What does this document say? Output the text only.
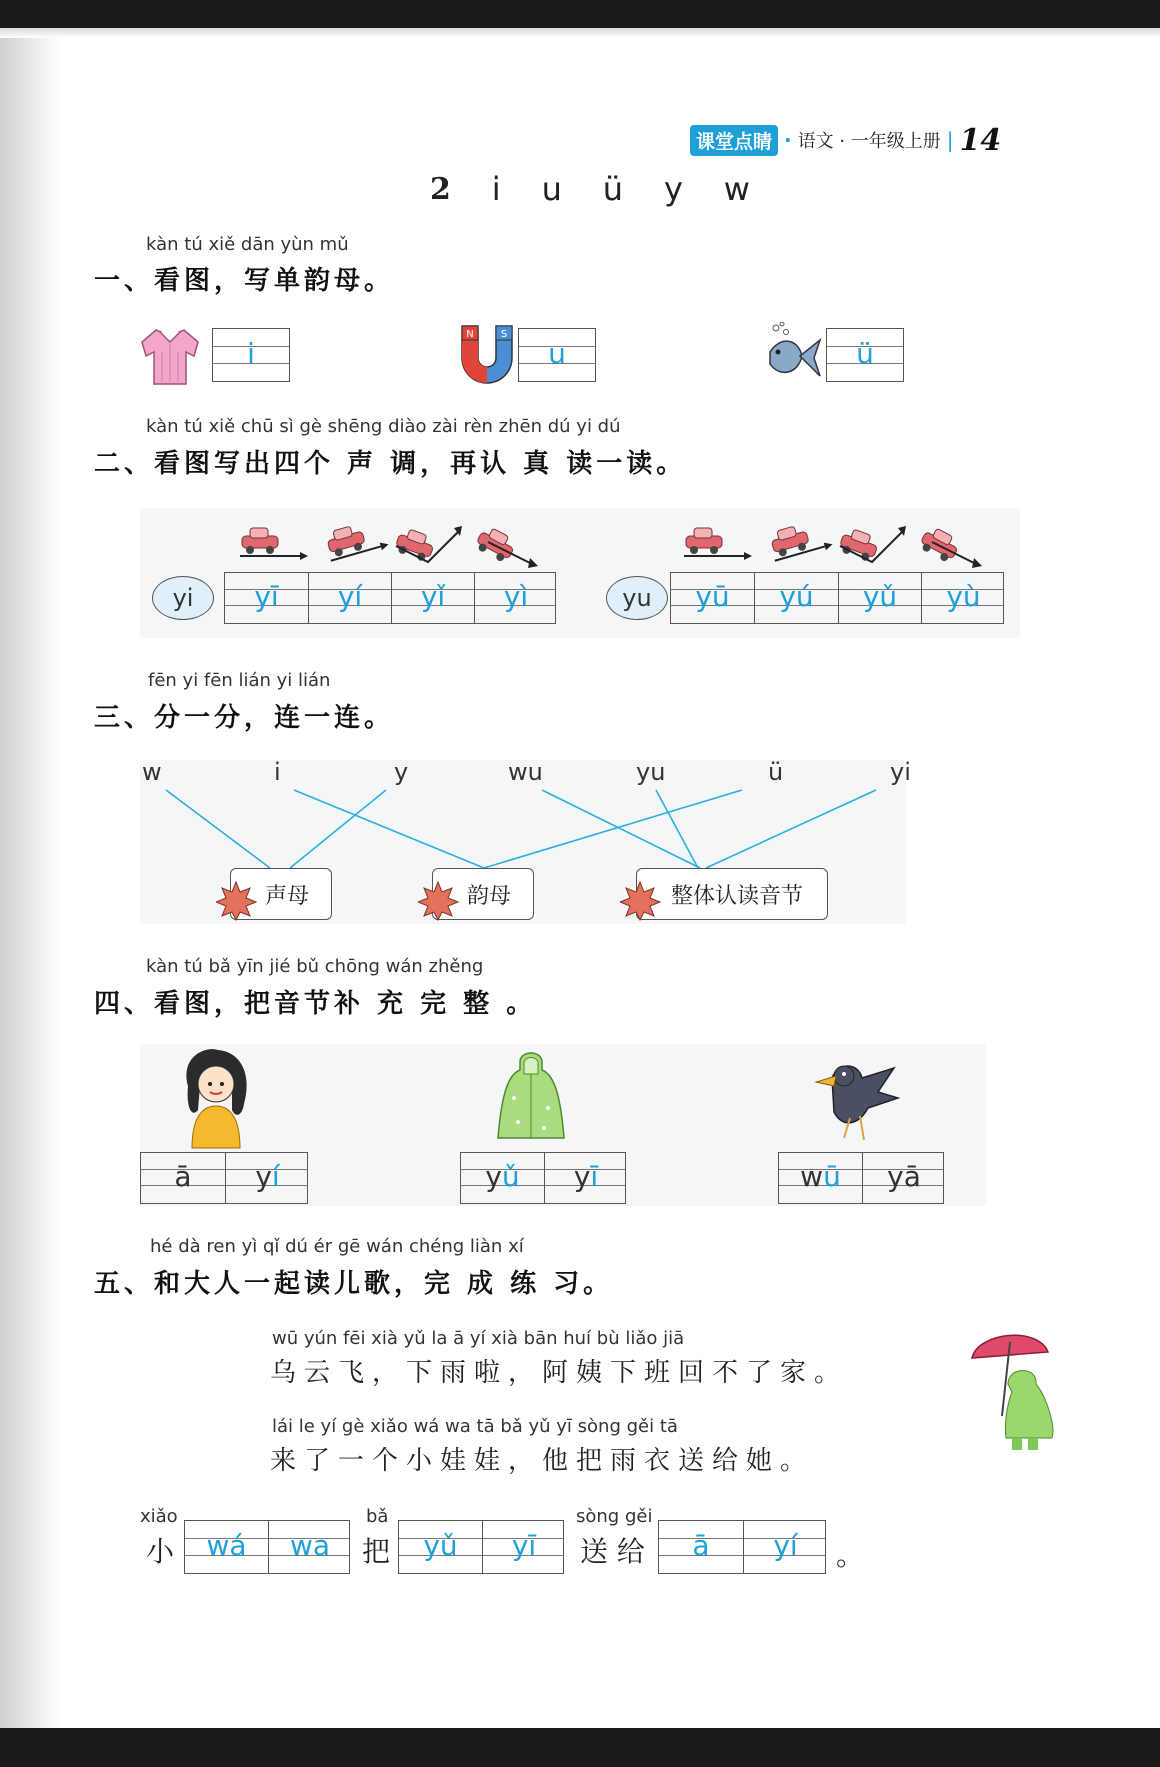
课堂点睛 · 语文 · 一年级上册 | 14
2 i u ü y w
kàn tú xiě dān yùn mǔ
一、看图，写单韵母。
i
N	S
u	ü
kàn tú xiě chū sì gè shēng diào zài rèn zhēn dú yi dú
二、看图写出四个 声 调，再认 真 读一读。
yi	yī	yí	yǐ	yì	yu	yū	yú	yǔ	yù
fēn yi fēn lián yi lián
三、分一分，连一连。
w	i	y	wu	yu	ü	yi
声母	韵母	整体认读音节
kàn tú bǎ yīn jié bǔ chōng wán zhěng
四、看图，把音节补 充 完 整 。
ā y í	y ǔ y ī	w ū yā
hé dà ren yì qǐ dú ér gē wán chéng liàn xí
五、和大人一起读儿歌，完 成 练 习。
wū yún fēi xià yǔ la ā yí xià bān huí bù liǎo jiā
乌云飞，下雨啦，阿姨下班回不了家。
lái le yí gè xiǎo wá wa tā bǎ yǔ yī sòng gěi tā
来了一个小娃娃，他把雨衣送给她。
xiǎo
小	wá	wa
bǎ
把	yǔ	yī
sòng gěi
送 给	ā	yí	。
